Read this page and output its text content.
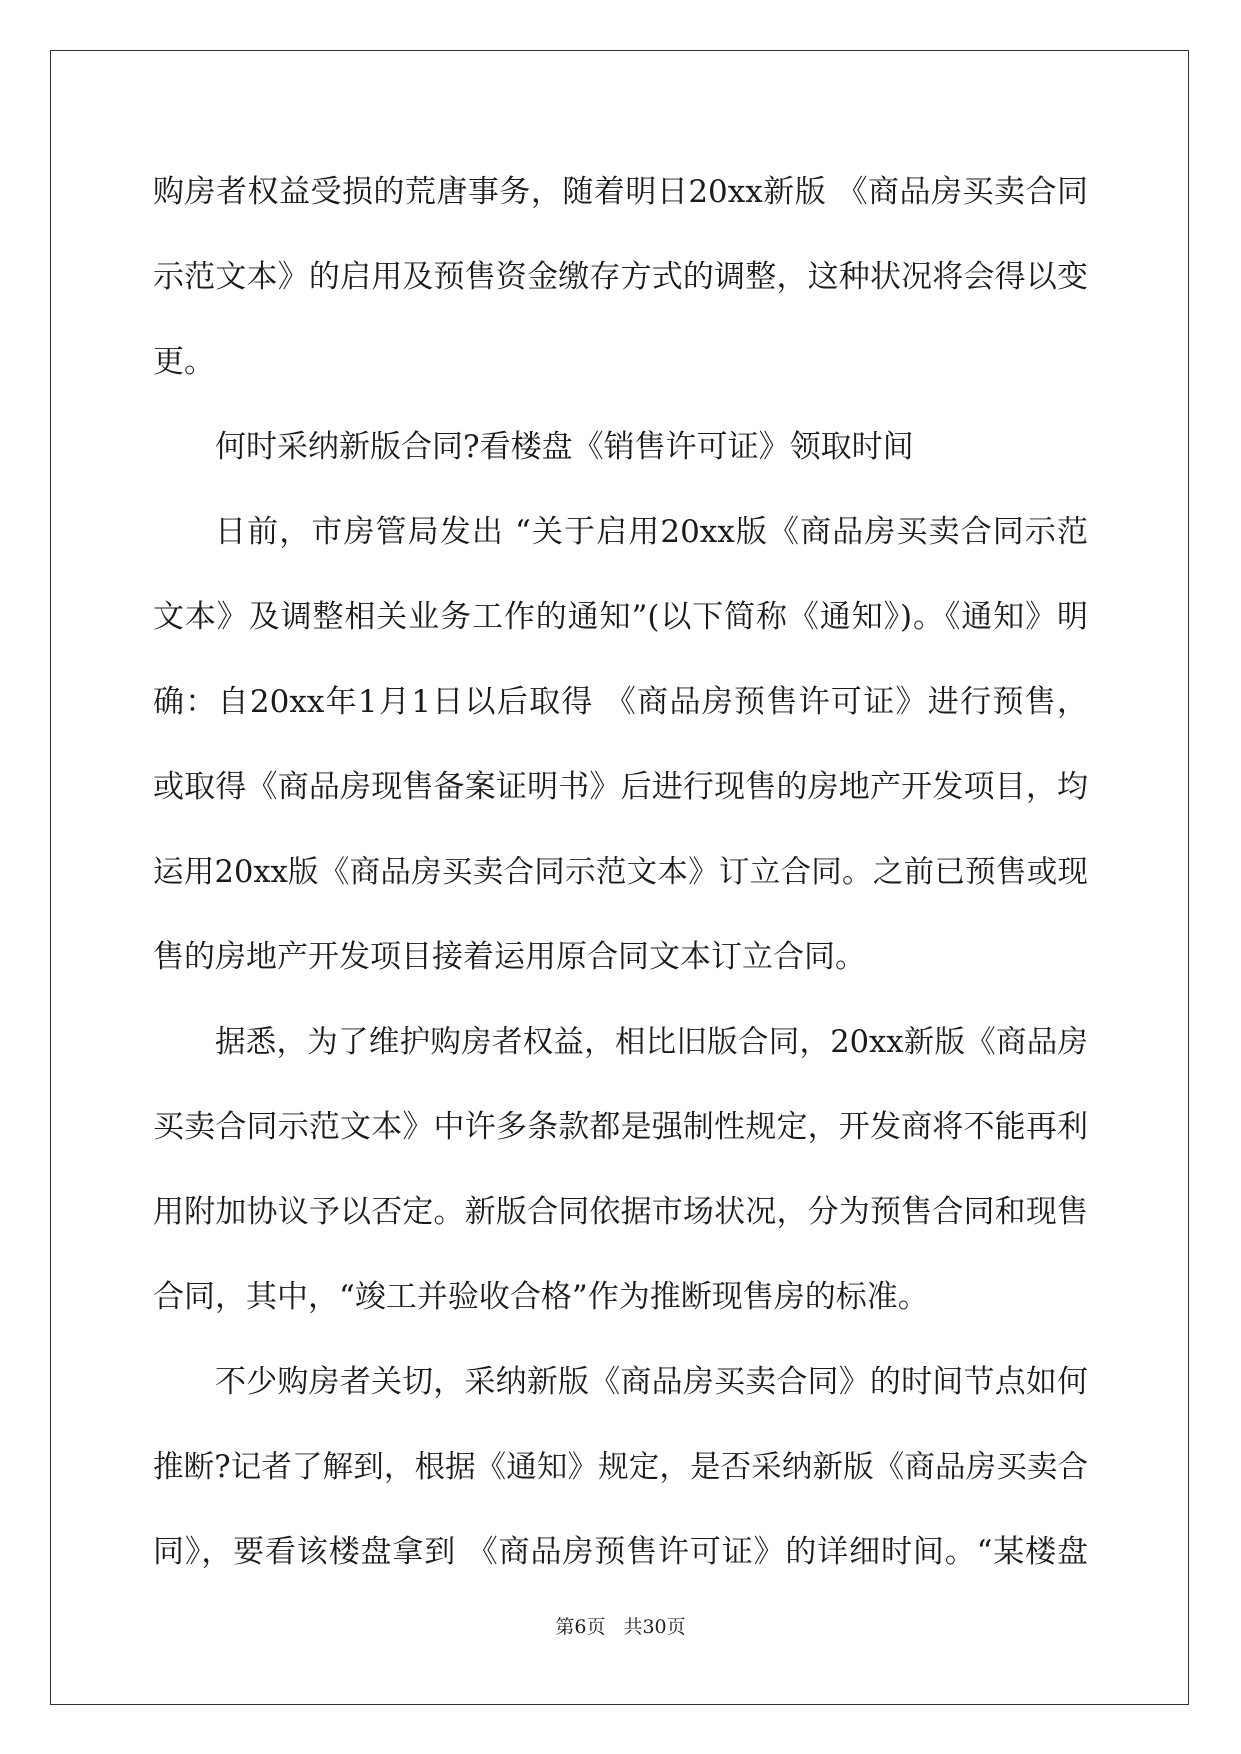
购房者权益受损的荒唐事务，随着明日20xx新版 《商品房买卖合同
示范文本》的启用及预售资金缴存方式的调整，这种状况将会得以变
更。
何时采纳新版合同?看楼盘《销售许可证》领取时间
日前，市房管局发出 “关于启用20xx版《商品房买卖合同示范
文本》及调整相关业务工作的通知”(以下简称《通知》)。《通知》明
确：自20xx年1月1日以后取得 《商品房预售许可证》进行预售，
或取得《商品房现售备案证明书》后进行现售的房地产开发项目，均
运用20xx版《商品房买卖合同示范文本》订立合同。之前已预售或现
售的房地产开发项目接着运用原合同文本订立合同。
据悉，为了维护购房者权益，相比旧版合同，20xx新版《商品房
买卖合同示范文本》中许多条款都是强制性规定，开发商将不能再利
用附加协议予以否定。新版合同依据市场状况，分为预售合同和现售
合同，其中，“竣工并验收合格”作为推断现售房的标准。
不少购房者关切，采纳新版《商品房买卖合同》的时间节点如何
推断?记者了解到，根据《通知》规定，是否采纳新版《商品房买卖合
同》，要看该楼盘拿到 《商品房预售许可证》的详细时间。“某楼盘
第6页 共30页
